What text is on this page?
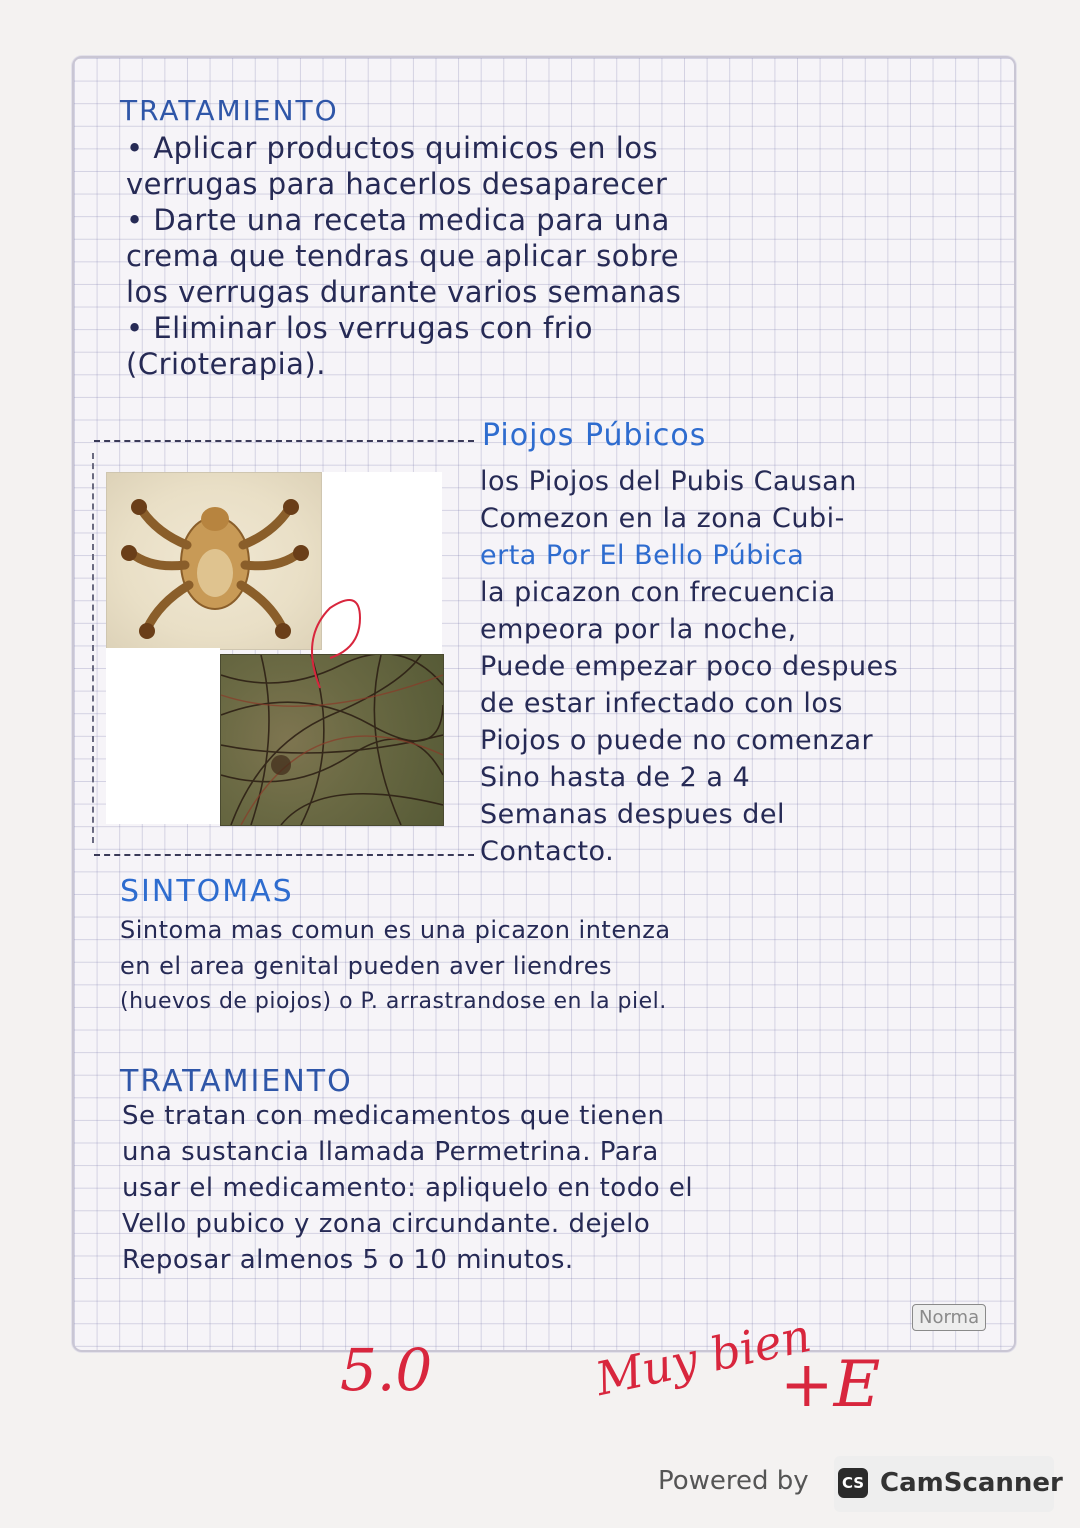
TRATAMIENTO
• Aplicar productos quimicos en los
verrugas para hacerlos desaparecer
• Darte una receta medica para una
crema que tendras que aplicar sobre
los verrugas durante varios semanas
• Eliminar los verrugas con frio
(Crioterapia).
Piojos Púbicos
los Piojos del Pubis Causan
Comezon en la zona Cubi-
erta Por El Bello Púbica
la picazon con frecuencia
empeora por la noche,
Puede empezar poco despues
de estar infectado con los
Piojos o puede no comenzar
Sino hasta de 2 a 4
Semanas despues del
Contacto.
SINTOMAS
Sintoma mas comun es una picazon intenza
en el area genital pueden aver liendres
(huevos de piojos) o P. arrastrandose en la piel.
TRATAMIENTO
Se tratan con medicamentos que tienen
una sustancia llamada Permetrina. Para
usar el medicamento: apliquelo en todo el
Vello pubico y zona circundante. dejelo
Reposar almenos 5 o 10 minutos.
Norma
5.0	Muy bien
+E
Powered by CS CamScanner
